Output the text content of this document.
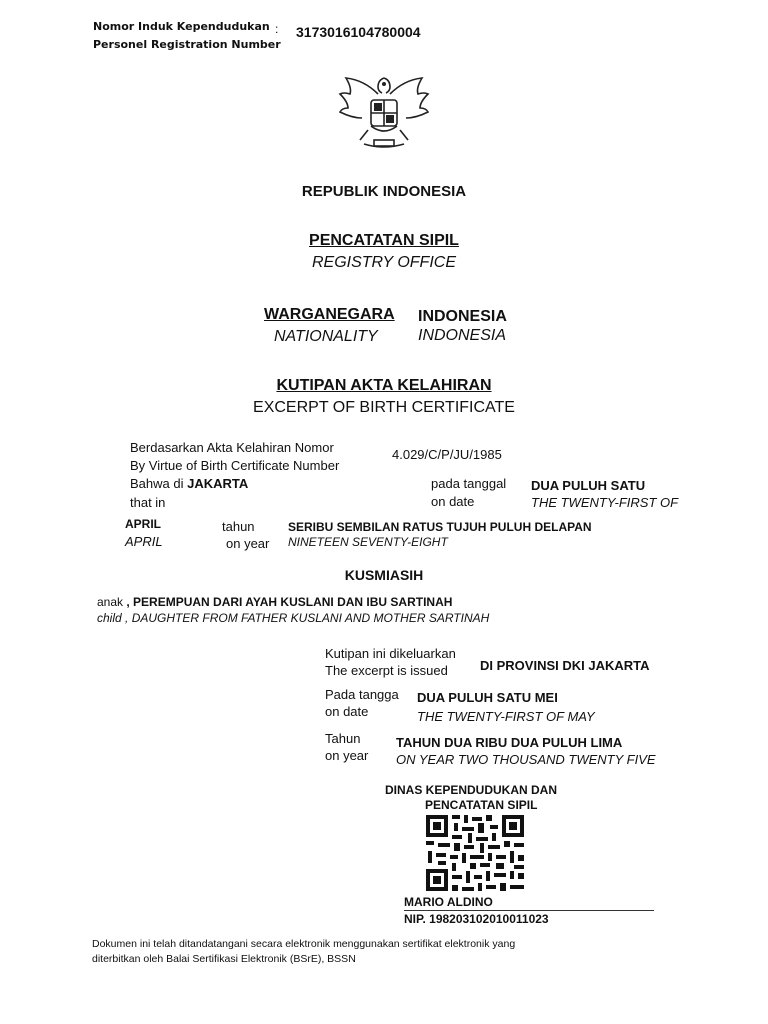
Nomor Induk Kependudukan
Personel Registration Number
: 3173016104780004
REPUBLIK INDONESIA
PENCATATAN SIPIL
REGISTRY OFFICE
WARGANEGARA
NATIONALITY
INDONESIA
INDONESIA
KUTIPAN AKTA KELAHIRAN
EXCERPT OF BIRTH CERTIFICATE
Berdasarkan Akta Kelahiran Nomor
By Virtue of Birth Certificate Number
4.029/C/P/JU/1985
Bahwa di JAKARTA
that in
pada tanggal
on date
DUA PULUH SATU
THE TWENTY-FIRST OF
APRIL
APRIL
tahun
on year
SERIBU SEMBILAN RATUS TUJUH PULUH DELAPAN
NINETEEN SEVENTY-EIGHT
KUSMIASIH
anak , PEREMPUAN DARI AYAH KUSLANI DAN IBU SARTINAH
child , DAUGHTER FROM FATHER KUSLANI AND MOTHER SARTINAH
Kutipan ini dikeluarkan
The excerpt is issued DI PROVINSI DKI JAKARTA
Pada tangga
on date
DUA PULUH SATU MEI
THE TWENTY-FIRST OF MAY
Tahun
on year
TAHUN DUA RIBU DUA PULUH LIMA
ON YEAR TWO THOUSAND TWENTY FIVE
DINAS KEPENDUDUKAN DAN
PENCATATAN SIPIL
MARIO ALDINO
NIP. 198203102010011023
Dokumen ini telah ditandatangani secara elektronik menggunakan sertifikat elektronik yang
diterbitkan oleh Balai Sertifikasi Elektronik (BSrE), BSSN
